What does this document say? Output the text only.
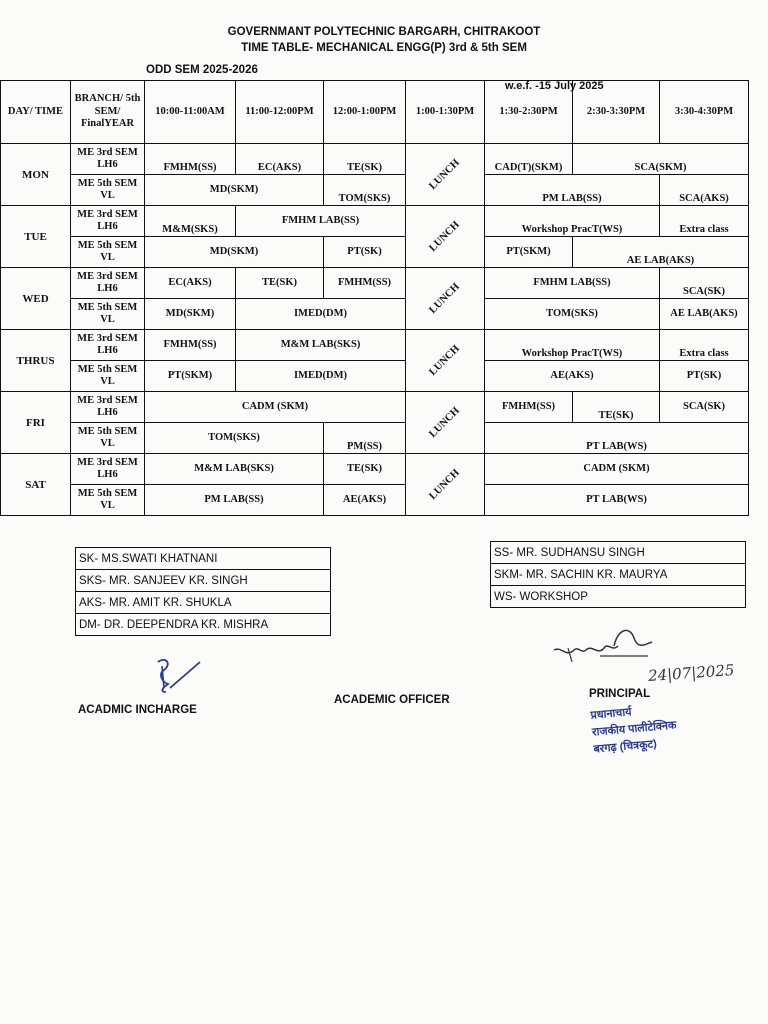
GOVERNMANT POLYTECHNIC BARGARH, CHITRAKOOT
TIME TABLE- MECHANICAL ENGG(P) 3rd & 5th SEM
ODD SEM 2025-2026
DAY/ TIME	BRANCH/ 5th SEM/ FinalYEAR	10:00-11:00AM	11:00-12:00PM	12:00-1:00PM	1:00-1:30PM	1:30-2:30PM	2:30-3:30PM	3:30-4:30PM
MON	ME 3rd SEM LH6	FMHM(SS)	EC(AKS)	TE(SK)	LUNCH	CAD(T)(SKM)	SCA(SKM)	
	ME 5th SEM VL	MD(SKM)		TOM(SKS)		PM LAB(SS)		SCA(AKS)
TUE	ME 3rd SEM LH6	M&M(SKS)	FMHM LAB(SS)		LUNCH	Workshop PracT(WS)		Extra class
	ME 5th SEM VL	MD(SKM)		PT(SK)		PT(SKM)	AE LAB(AKS)	
WED	ME 3rd SEM LH6	EC(AKS)	TE(SK)	FMHM(SS)	LUNCH	FMHM LAB(SS)		SCA(SK)
	ME 5th SEM VL	MD(SKM)	IMED(DM)			TOM(SKS)		AE LAB(AKS)
THRUS	ME 3rd SEM LH6	FMHM(SS)	M&M LAB(SKS)		LUNCH	Workshop PracT(WS)		Extra class
	ME 5th SEM VL	PT(SKM)	IMED(DM)			AE(AKS)		PT(SK)
FRI	ME 3rd SEM LH6	CADM (SKM)			LUNCH	FMHM(SS)	TE(SK)	SCA(SK)
	ME 5th SEM VL	TOM(SKS)		PM(SS)		PT LAB(WS)		
SAT	ME 3rd SEM LH6	M&M LAB(SKS)		TE(SK)	LUNCH	CADM (SKM)		
	ME 5th SEM VL	PM LAB(SS)		AE(AKS)		PT LAB(WS)		
w.e.f. -15 July 2025
SK- MS.SWATI KHATNANI
SKS- MR. SANJEEV KR. SINGH
AKS- MR. AMIT KR. SHUKLA
DM- DR. DEEPENDRA KR. MISHRA
SS- MR. SUDHANSU SINGH
SKM- MR. SACHIN KR. MAURYA
WS- WORKSHOP
24|07|2025
ACADMIC INCHARGE
ACADEMIC OFFICER	PRINCIPAL
प्रधानाचार्य
राजकीय पालीटेक्निक
बरगढ़ (चित्रकूट)
